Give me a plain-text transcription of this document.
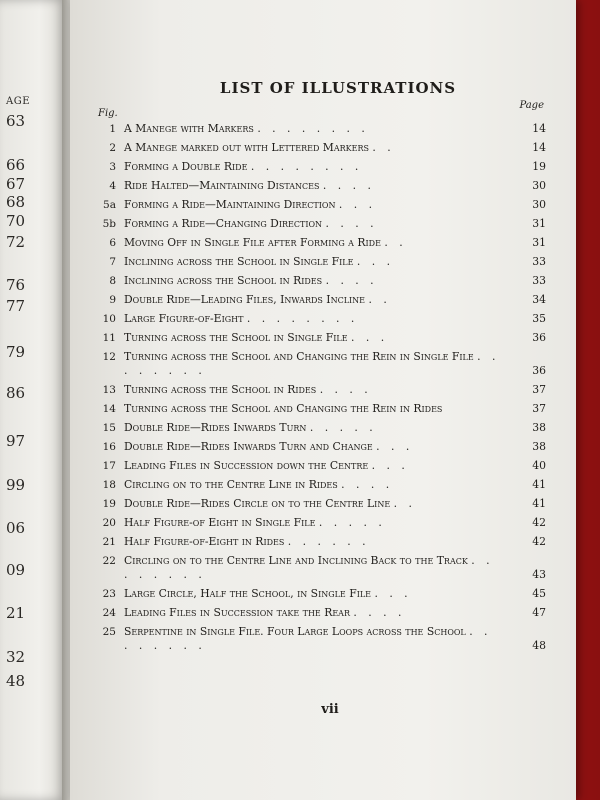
AGE
63
66
67
68
70
72
76
77
79
86
97
99
06
09
21
32
48
LIST OF ILLUSTRATIONS
Page
Fig.
1 A Manege with Markers . . . . . . . .	14
2 A Manege marked out with Lettered Markers . .	14
3 Forming a Double Ride . . . . . . . .	19
4 Ride Halted—Maintaining Distances . . . .	30
5a Forming a Ride—Maintaining Direction . . .	30
5b Forming a Ride—Changing Direction . . . .	31
6 Moving Off in Single File after Forming a Ride . .	31
7 Inclining across the School in Single File . . .	33
8 Inclining across the School in Rides . . . .	33
9 Double Ride—Leading Files, Inwards Incline . .	34
10 Large Figure-of-Eight . . . . . . . .	35
11 Turning across the School in Single File . . .	36
12 Turning across the School and Changing the Rein in Single File . . . . . . . .	36
13 Turning across the School in Rides . . . .	37
14 Turning across the School and Changing the Rein in Rides	37
15 Double Ride—Rides Inwards Turn . . . . .	38
16 Double Ride—Rides Inwards Turn and Change . . .	38
17 Leading Files in Succession down the Centre . . .	40
18 Circling on to the Centre Line in Rides . . . .	41
19 Double Ride—Rides Circle on to the Centre Line . .	41
20 Half Figure-of Eight in Single File . . . . .	42
21 Half Figure-of-Eight in Rides . . . . . .	42
22 Circling on to the Centre Line and Inclining Back to the Track . . . . . . . .	43
23 Large Circle, Half the School, in Single File . . .	45
24 Leading Files in Succession take the Rear . . . .	47
25 Serpentine in Single File. Four Large Loops across the School . . . . . . . .	48
vii
